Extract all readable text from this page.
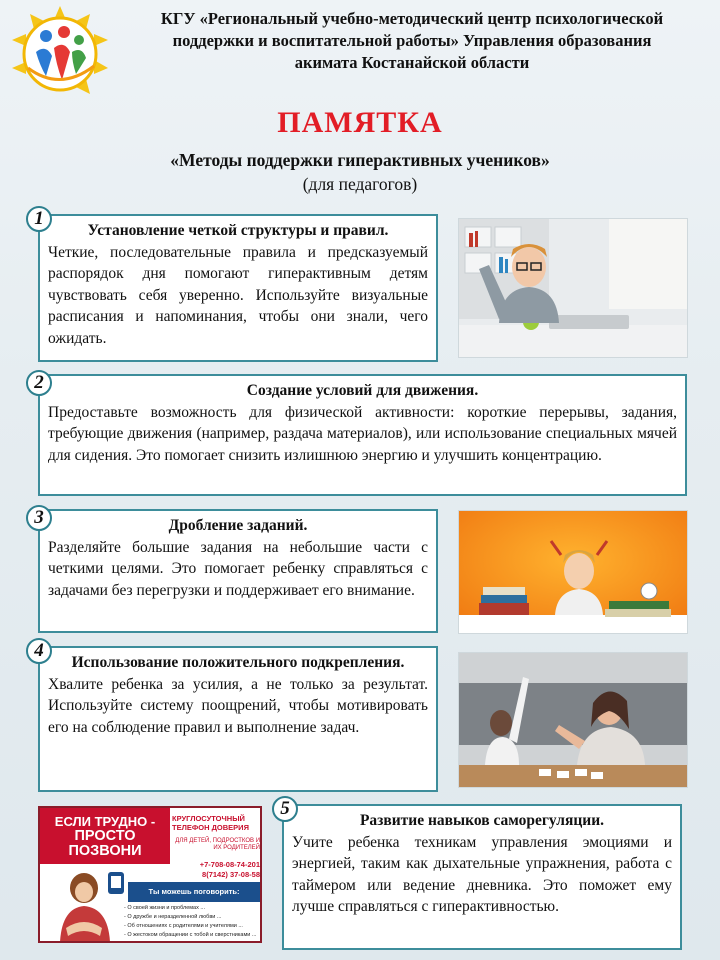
КГУ «Региональный учебно-методический центр психологической
поддержки и воспитательной работы» Управления образования
акимата Костанайской области
ПАМЯТКА
«Методы поддержки гиперактивных учеников»
(для педагогов)
Установление четкой структуры и правил.
Четкие, последовательные правила и предсказуемый распорядок дня помогают гиперактивным детям чувствовать себя уверенно. Используйте визуальные расписания и напоминания, чтобы они знали, чего ожидать.
1
Создание условий для движения.
Предоставьте возможность для физической активности: короткие перерывы, задания, требующие движения (например, раздача материалов), или использование специальных мячей для сидения. Это помогает снизить излишнюю энергию и улучшить концентрацию.
2
Дробление заданий.
Разделяйте большие задания на небольшие части с четкими целями. Это помогает ребенку справляться с задачами без перегрузки и поддерживает его внимание.
3
Использование положительного подкрепления.
Хвалите ребенка за усилия, а не только за результат. Используйте систему поощрений, чтобы мотивировать его на соблюдение правил и выполнение задач.
4
ЕСЛИ ТРУДНО -
ПРОСТО ПОЗВОНИ
КРУГЛОСУТОЧНЫЙ ТЕЛЕФОН ДОВЕРИЯ
ДЛЯ ДЕТЕЙ, ПОДРОСТКОВ И ИХ РОДИТЕЛЕЙ
+7-708-08-74-201
8(7142) 37-08-58
Ты можешь поговорить:
- О своей жизни и проблемах ...
- О дружбе и неразделенной любви ...
- Об отношениях с родителями и учителями ...
- О жестоком обращении с тобой и сверстниками ...
Развитие навыков саморегуляции.
Учите ребенка техникам управления эмоциями и энергией, таким как дыхательные упражнения, работа с таймером или ведение дневника. Это поможет ему лучше справляться с гиперактивностью.
5
